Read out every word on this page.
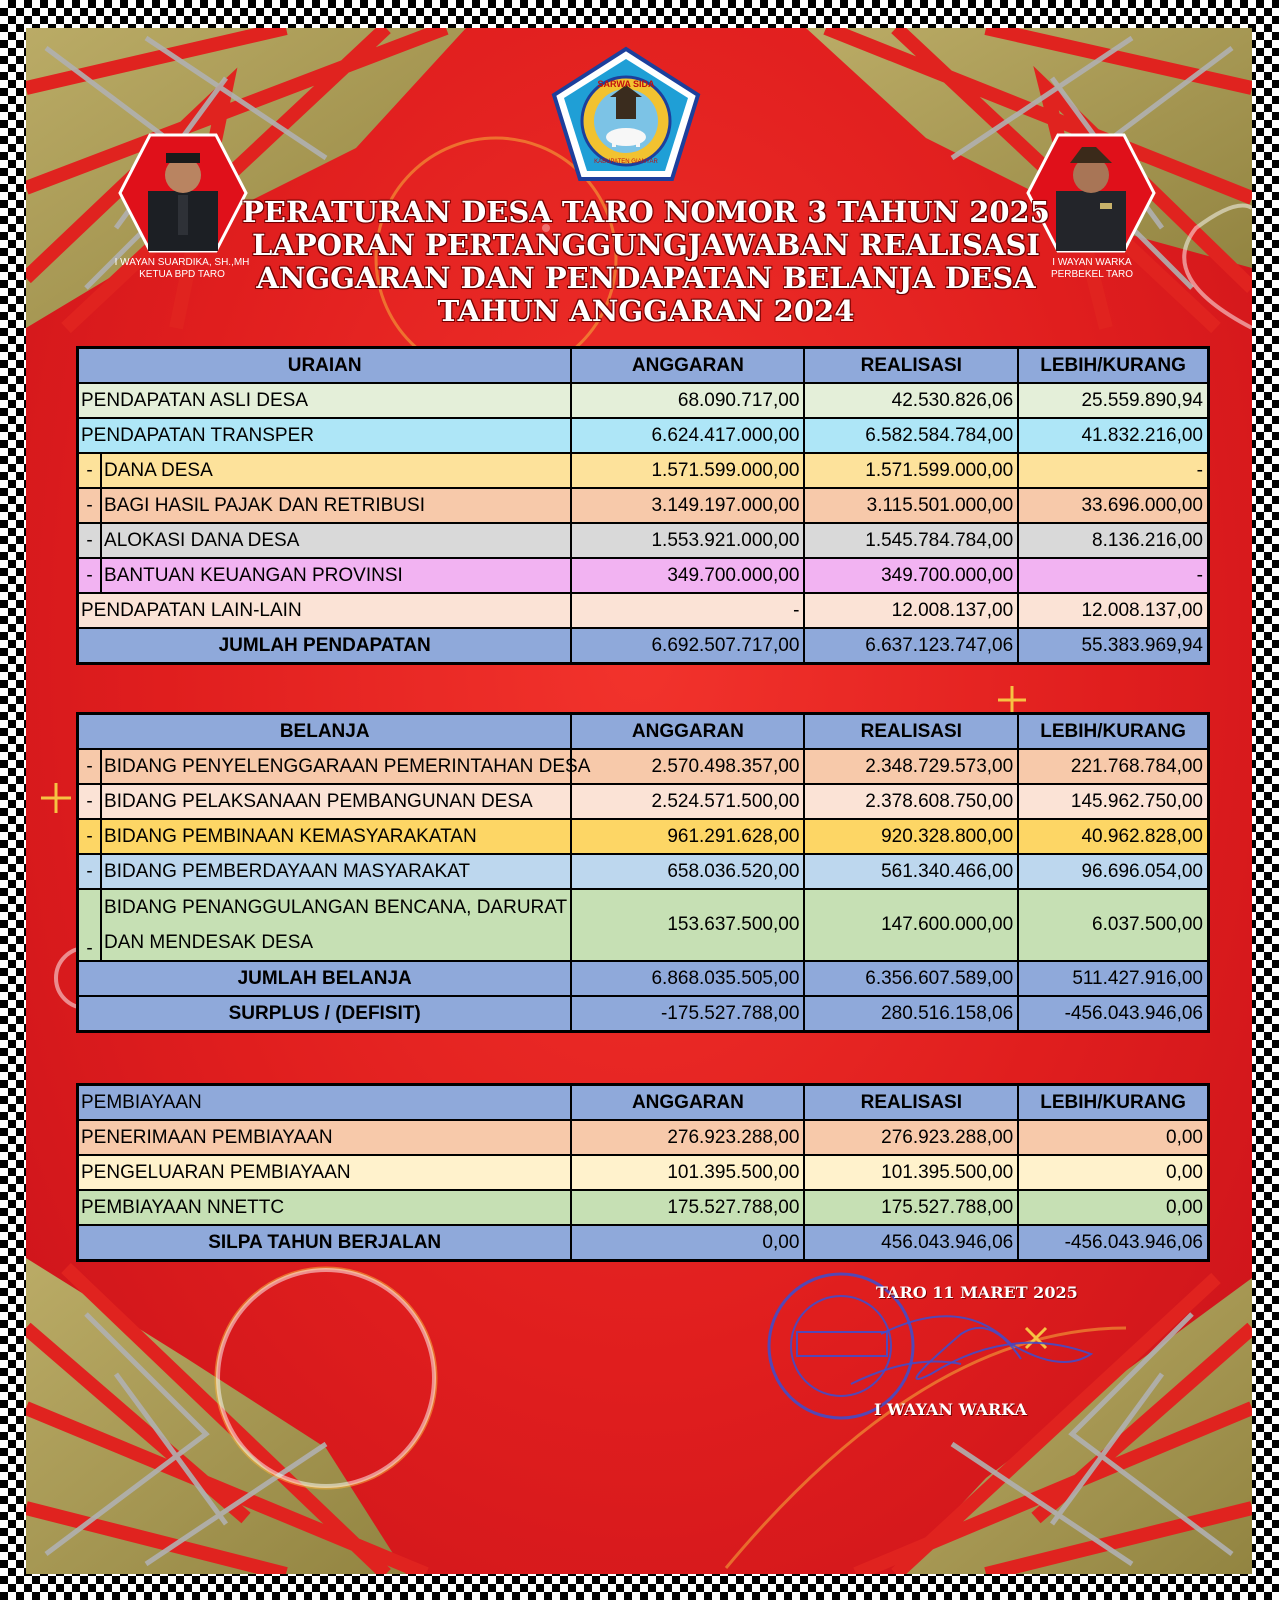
SARWA SIDA
KABUPATEN GIANYAR
I WAYAN SUARDIKA, SH.,MH
KETUA BPD TARO
I WAYAN WARKA
PERBEKEL TARO
PERATURAN DESA TARO NOMOR 3 TAHUN 2025
LAPORAN PERTANGGUNGJAWABAN REALISASI
ANGGARAN DAN PENDAPATAN BELANJA DESA
TAHUN ANGGARAN 2024
URAIAN		ANGGARAN	REALISASI	LEBIH/KURANG
PENDAPATAN ASLI DESA		68.090.717,00	42.530.826,06	25.559.890,94
PENDAPATAN TRANSPER		6.624.417.000,00	6.582.584.784,00	41.832.216,00
-	DANA DESA	1.571.599.000,00	1.571.599.000,00	-
-	BAGI HASIL PAJAK DAN RETRIBUSI	3.149.197.000,00	3.115.501.000,00	33.696.000,00
-	ALOKASI DANA DESA	1.553.921.000,00	1.545.784.784,00	8.136.216,00
-	BANTUAN KEUANGAN PROVINSI	349.700.000,00	349.700.000,00	-
PENDAPATAN LAIN-LAIN		-	12.008.137,00	12.008.137,00
JUMLAH PENDAPATAN		6.692.507.717,00	6.637.123.747,06	55.383.969,94
BELANJA		ANGGARAN	REALISASI	LEBIH/KURANG
-	BIDANG PENYELENGGARAAN PEMERINTAHAN DESA	2.570.498.357,00	2.348.729.573,00	221.768.784,00
-	BIDANG PELAKSANAAN PEMBANGUNAN DESA	2.524.571.500,00	2.378.608.750,00	145.962.750,00
-	BIDANG PEMBINAAN KEMASYARAKATAN	961.291.628,00	920.328.800,00	40.962.828,00
-	BIDANG PEMBERDAYAAN MASYARAKAT	658.036.520,00	561.340.466,00	96.696.054,00
-	BIDANG PENANGGULANGAN BENCANA, DARURAT
DAN MENDESAK DESA	153.637.500,00	147.600.000,00	6.037.500,00
JUMLAH BELANJA		6.868.035.505,00	6.356.607.589,00	511.427.916,00
SURPLUS / (DEFISIT)		-175.527.788,00	280.516.158,06	-456.043.946,06
PEMBIAYAAN	ANGGARAN	REALISASI	LEBIH/KURANG
PENERIMAAN PEMBIAYAAN	276.923.288,00	276.923.288,00	0,00
PENGELUARAN PEMBIAYAAN	101.395.500,00	101.395.500,00	0,00
PEMBIAYAAN NNETTC	175.527.788,00	175.527.788,00	0,00
SILPA TAHUN BERJALAN	0,00	456.043.946,06	-456.043.946,06
TARO 11 MARET 2025
I WAYAN WARKA
